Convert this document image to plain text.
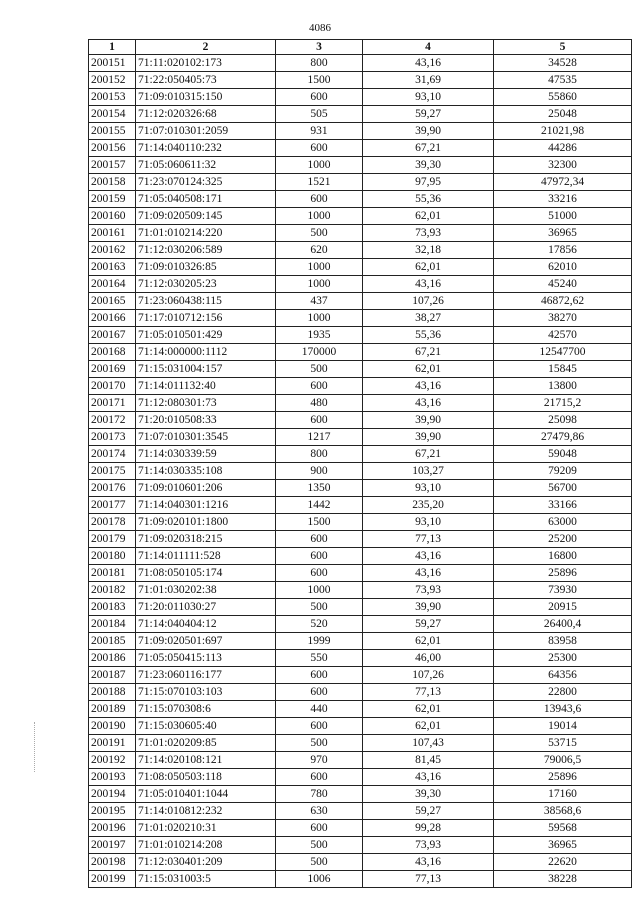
4086
1	2	3	4	5
200151	71:11:020102:173	800	43,16	34528
200152	71:22:050405:73	1500	31,69	47535
200153	71:09:010315:150	600	93,10	55860
200154	71:12:020326:68	505	59,27	25048
200155	71:07:010301:2059	931	39,90	21021,98
200156	71:14:040110:232	600	67,21	44286
200157	71:05:060611:32	1000	39,30	32300
200158	71:23:070124:325	1521	97,95	47972,34
200159	71:05:040508:171	600	55,36	33216
200160	71:09:020509:145	1000	62,01	51000
200161	71:01:010214:220	500	73,93	36965
200162	71:12:030206:589	620	32,18	17856
200163	71:09:010326:85	1000	62,01	62010
200164	71:12:030205:23	1000	43,16	45240
200165	71:23:060438:115	437	107,26	46872,62
200166	71:17:010712:156	1000	38,27	38270
200167	71:05:010501:429	1935	55,36	42570
200168	71:14:000000:1112	170000	67,21	12547700
200169	71:15:031004:157	500	62,01	15845
200170	71:14:011132:40	600	43,16	13800
200171	71:12:080301:73	480	43,16	21715,2
200172	71:20:010508:33	600	39,90	25098
200173	71:07:010301:3545	1217	39,90	27479,86
200174	71:14:030339:59	800	67,21	59048
200175	71:14:030335:108	900	103,27	79209
200176	71:09:010601:206	1350	93,10	56700
200177	71:14:040301:1216	1442	235,20	33166
200178	71:09:020101:1800	1500	93,10	63000
200179	71:09:020318:215	600	77,13	25200
200180	71:14:011111:528	600	43,16	16800
200181	71:08:050105:174	600	43,16	25896
200182	71:01:030202:38	1000	73,93	73930
200183	71:20:011030:27	500	39,90	20915
200184	71:14:040404:12	520	59,27	26400,4
200185	71:09:020501:697	1999	62,01	83958
200186	71:05:050415:113	550	46,00	25300
200187	71:23:060116:177	600	107,26	64356
200188	71:15:070103:103	600	77,13	22800
200189	71:15:070308:6	440	62,01	13943,6
200190	71:15:030605:40	600	62,01	19014
200191	71:01:020209:85	500	107,43	53715
200192	71:14:020108:121	970	81,45	79006,5
200193	71:08:050503:118	600	43,16	25896
200194	71:05:010401:1044	780	39,30	17160
200195	71:14:010812:232	630	59,27	38568,6
200196	71:01:020210:31	600	99,28	59568
200197	71:01:010214:208	500	73,93	36965
200198	71:12:030401:209	500	43,16	22620
200199	71:15:031003:5	1006	77,13	38228
